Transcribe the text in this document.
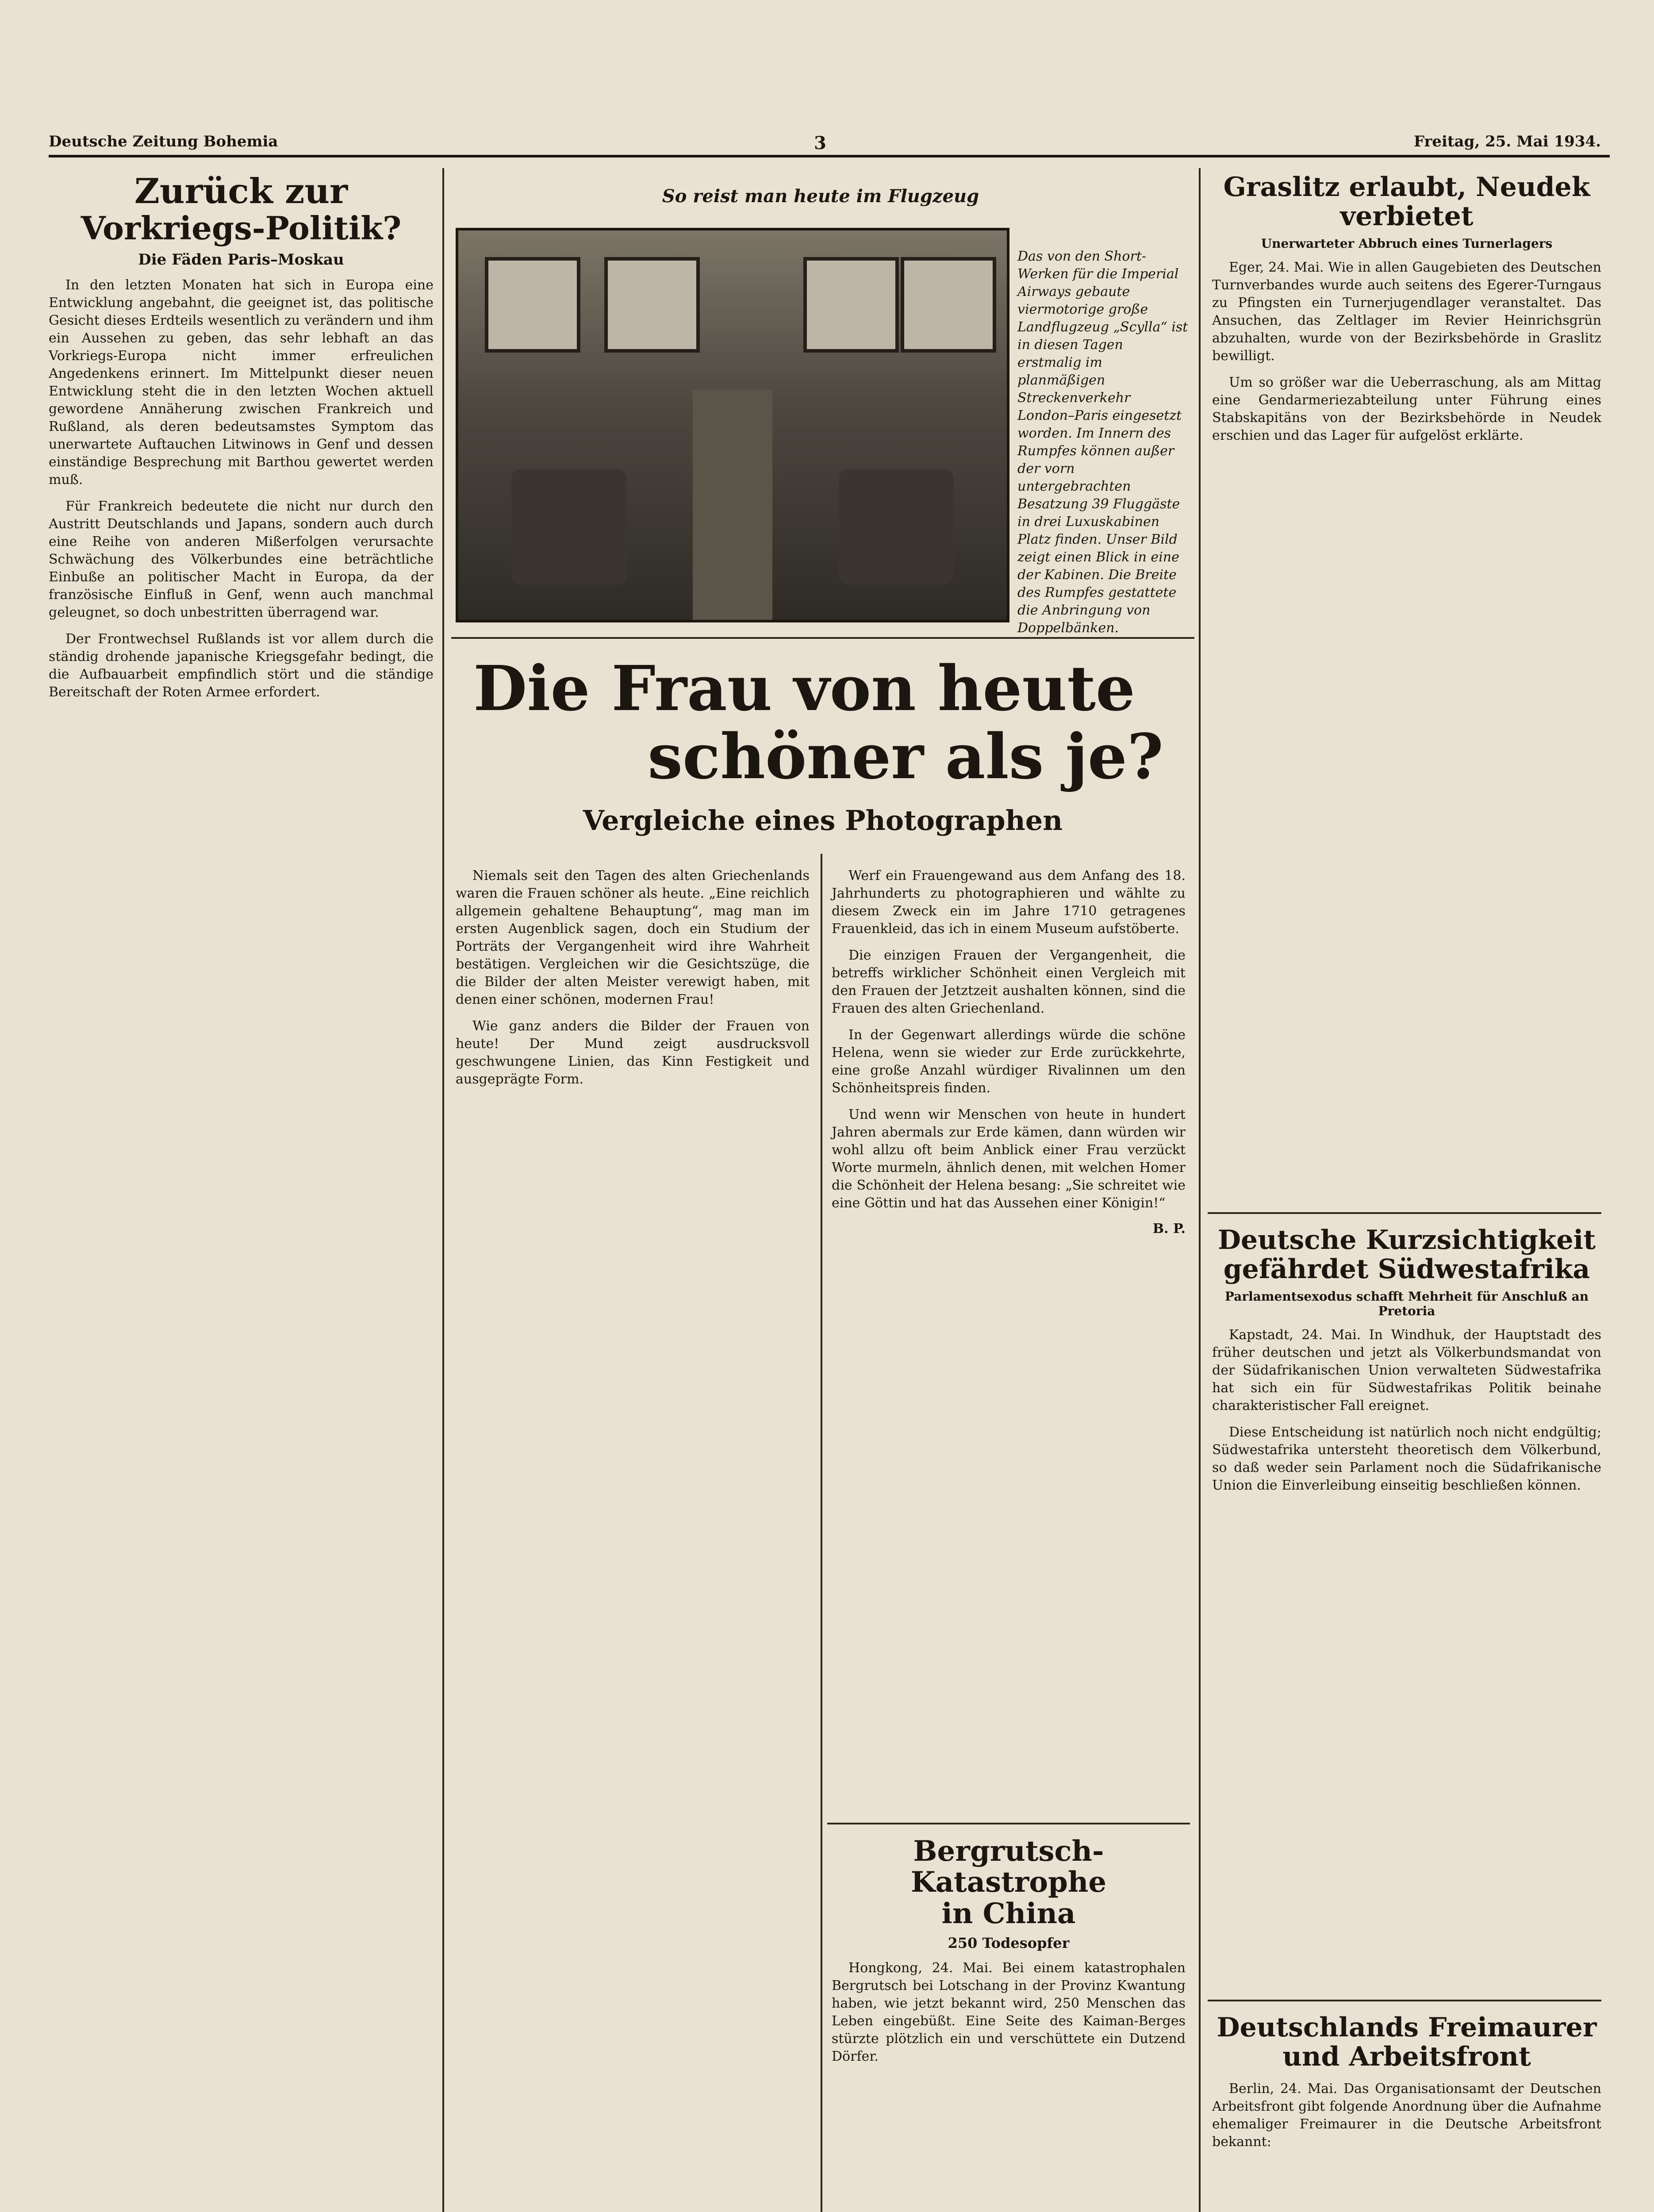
Deutsche Zeitung Bohemia	3	Freitag, 25. Mai 1934.
Zurück zur
Vorkriegs-Politik?
Die Fäden Paris–Moskau

In den letzten Monaten hat sich in Europa eine Entwicklung angebahnt, die geeignet ist, das politische Gesicht dieses Erdteils wesentlich zu verändern und ihm ein Aussehen zu geben, das sehr lebhaft an das Vorkriegs-Europa nicht immer erfreulichen Angedenkens erinnert. Im Mittelpunkt dieser neuen Entwicklung steht die in den letzten Wochen aktuell gewordene Annäherung zwischen Frankreich und Rußland, als deren bedeutsamstes Symptom das unerwartete Auftauchen Litwinows in Genf und dessen einständige Besprechung mit Barthou gewertet werden muß.

Für Frankreich bedeutete die nicht nur durch den Austritt Deutschlands und Japans, sondern auch durch eine Reihe von anderen Mißerfolgen verursachte Schwächung des Völkerbundes eine beträchtliche Einbuße an politischer Macht in Europa, da der französische Einfluß in Genf, wenn auch manchmal geleugnet, so doch unbestritten überragend war.

Der Frontwechsel Rußlands ist vor allem durch die ständig drohende japanische Kriegsgefahr bedingt, die die Aufbauarbeit empfindlich stört und die ständige Bereitschaft der Roten Armee erfordert.

So reist man heute im Flugzeug

Das von den Short-Werken für die Imperial Airways gebaute viermotorige große Landflugzeug „Scylla“ ist in diesen Tagen erstmalig im planmäßigen Streckenverkehr London–Paris eingesetzt worden. Im Innern des Rumpfes können außer der vorn untergebrachten Besatzung 39 Fluggäste in drei Luxuskabinen Platz finden. Unser Bild zeigt einen Blick in eine der Kabinen. Die Breite des Rumpfes gestattete die Anbringung von Doppelbänken.

Die Frau von heute
schöner als je?
Vergleiche eines Photographen

Niemals seit den Tagen des alten Griechenlands waren die Frauen schöner als heute. „Eine reichlich allgemein gehaltene Behauptung“, mag man im ersten Augenblick sagen, doch ein Studium der Porträts der Vergangenheit wird ihre Wahrheit bestätigen. Vergleichen wir die Gesichtszüge, die die Bilder der alten Meister verewigt haben, mit denen einer schönen, modernen Frau!

Wie ganz anders die Bilder der Frauen von heute! Der Mund zeigt ausdrucksvoll geschwungene Linien, das Kinn Festigkeit und ausgeprägte Form.

Werf ein Frauengewand aus dem Anfang des 18. Jahrhunderts zu photographieren und wählte zu diesem Zweck ein im Jahre 1710 getragenes Frauenkleid, das ich in einem Museum aufstöberte.

Die einzigen Frauen der Vergangenheit, die betreffs wirklicher Schönheit einen Vergleich mit den Frauen der Jetztzeit aushalten können, sind die Frauen des alten Griechenland.

In der Gegenwart allerdings würde die schöne Helena, wenn sie wieder zur Erde zurückkehrte, eine große Anzahl würdiger Rivalinnen um den Schönheitspreis finden.

Und wenn wir Menschen von heute in hundert Jahren abermals zur Erde kämen, dann würden wir wohl allzu oft beim Anblick einer Frau verzückt Worte murmeln, ähnlich denen, mit welchen Homer die Schönheit der Helena besang: „Sie schreitet wie eine Göttin und hat das Aussehen einer Königin!“

B. P.
Bergrutsch-Katastrophe
in China
250 Todesopfer

Hongkong, 24. Mai. Bei einem katastrophalen Bergrutsch bei Lotschang in der Provinz Kwantung haben, wie jetzt bekannt wird, 250 Menschen das Leben eingebüßt. Eine Seite des Kaiman-Berges stürzte plötzlich ein und verschüttete ein Dutzend Dörfer.

Graslitz erlaubt, Neudek
verbietet
Unerwarteter Abbruch eines Turnerlagers

Eger, 24. Mai. Wie in allen Gaugebieten des Deutschen Turnverbandes wurde auch seitens des Egerer-Turngaus zu Pfingsten ein Turnerjugendlager veranstaltet. Das Ansuchen, das Zeltlager im Revier Heinrichsgrün abzuhalten, wurde von der Bezirksbehörde in Graslitz bewilligt.

Um so größer war die Ueberraschung, als am Mittag eine Gendarmeriezabteilung unter Führung eines Stabskapitäns von der Bezirksbehörde in Neudek erschien und das Lager für aufgelöst erklärte.

Deutsche Kurzsichtigkeit
gefährdet Südwestafrika
Parlamentsexodus schafft Mehrheit für Anschluß an Pretoria

Kapstadt, 24. Mai. In Windhuk, der Hauptstadt des früher deutschen und jetzt als Völkerbundsmandat von der Südafrikanischen Union verwalteten Südwestafrika hat sich ein für Südwestafrikas Politik beinahe charakteristischer Fall ereignet.

Diese Entscheidung ist natürlich noch nicht endgültig; Südwestafrika untersteht theoretisch dem Völkerbund, so daß weder sein Parlament noch die Südafrikanische Union die Einverleibung einseitig beschließen können.

Deutschlands Freimaurer
und Arbeitsfront

Berlin, 24. Mai. Das Organisationsamt der Deutschen Arbeitsfront gibt folgende Anordnung über die Aufnahme ehemaliger Freimaurer in die Deutsche Arbeitsfront bekannt:
